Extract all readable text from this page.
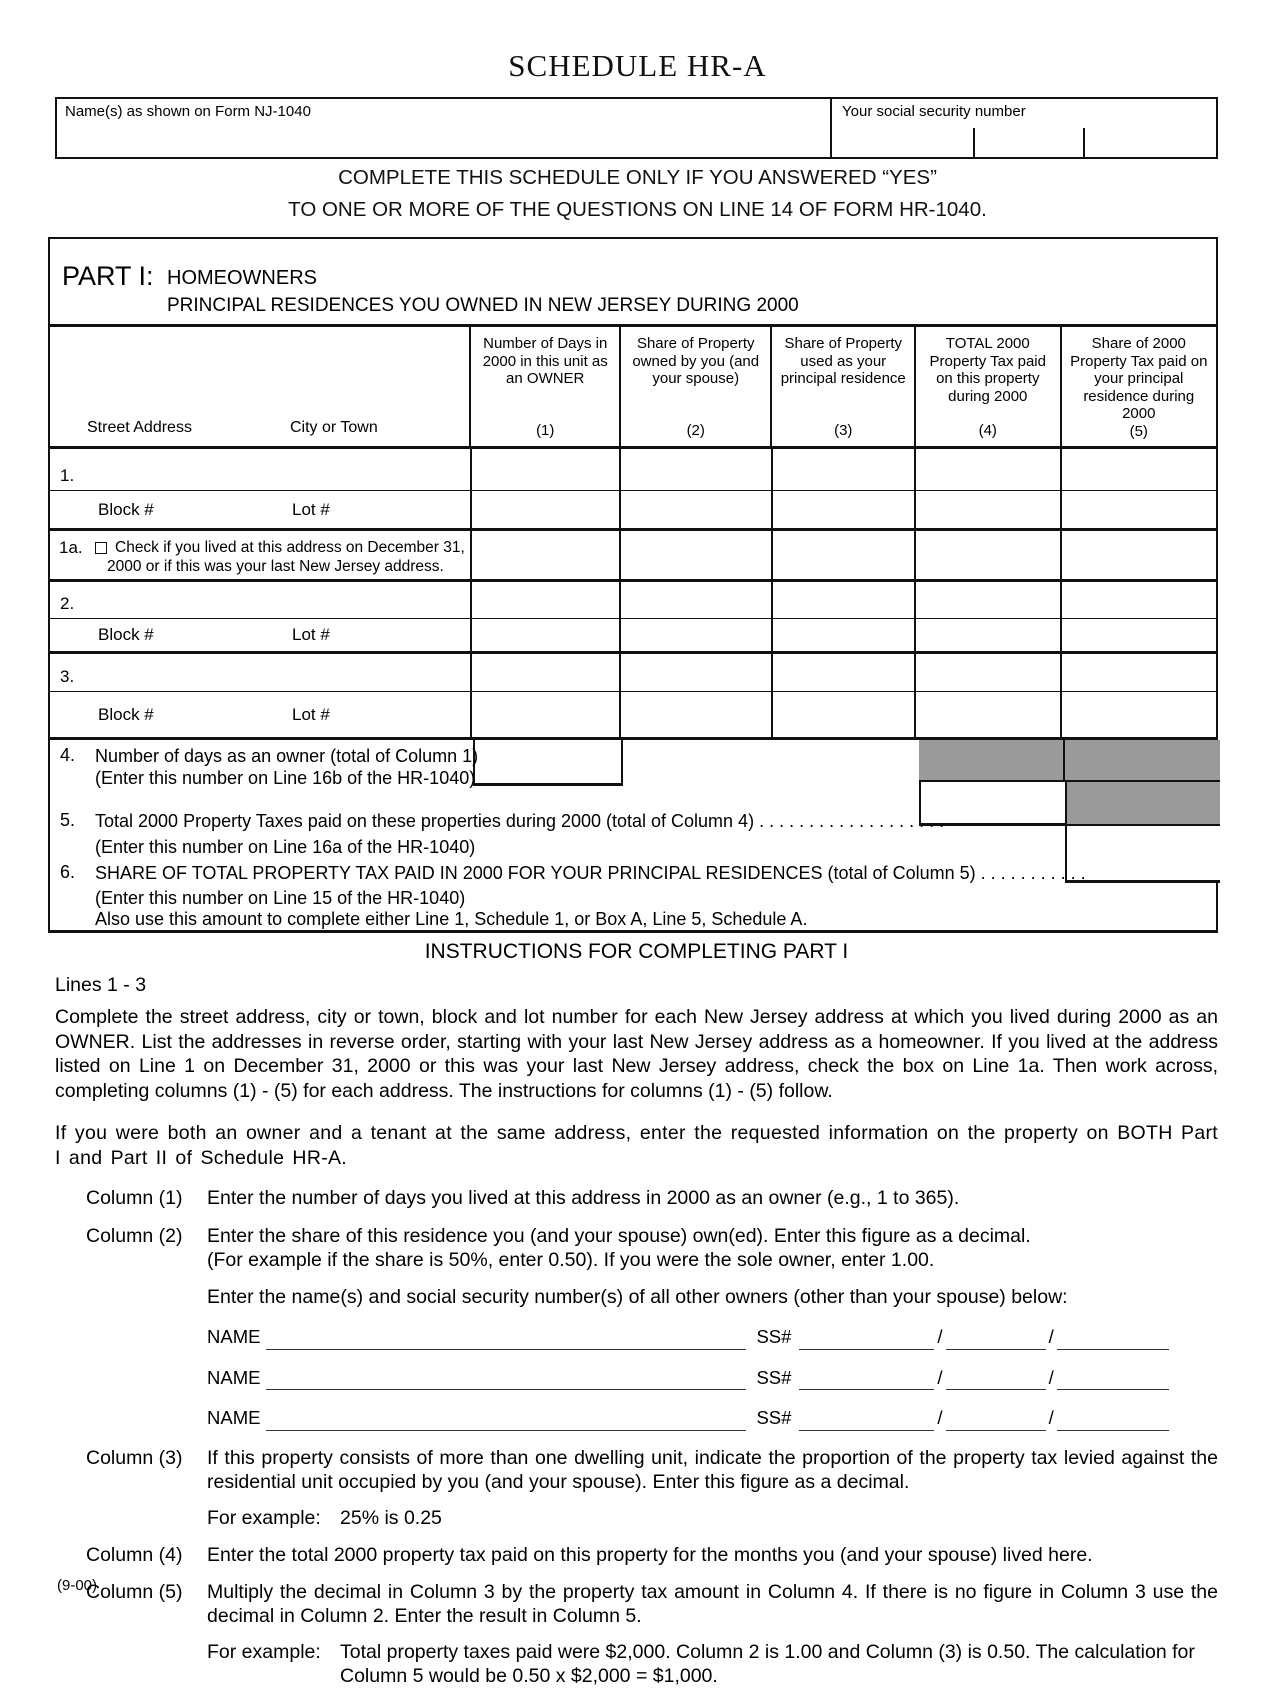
SCHEDULE HR-A
Name(s) as shown on Form NJ-1040	Your social security number
COMPLETE THIS SCHEDULE ONLY IF YOU ANSWERED “YES”
TO ONE OR MORE OF THE QUESTIONS ON LINE 14 OF FORM HR-1040.
PART I: HOMEOWNERS
PRINCIPAL RESIDENCES YOU OWNED IN NEW JERSEY DURING 2000
Street Address	City or Town
Number of Days in 2000 in this unit as an OWNER
(1)
Share of Property owned by you (and your spouse)
(2)
Share of Property used as your principal residence
(3)
TOTAL 2000 Property Tax paid on this property during 2000
(4)
Share of 2000 Property Tax paid on your principal residence during 2000
(5)
1.
Block #	Lot #
1a. Check if you lived at this address on December 31,
2000 or if this was your last New Jersey address.
2.
Block #	Lot #
3.
Block #	Lot #
4. Number of days as an owner (total of Column 1)
(Enter this number on Line 16b of the HR-1040)
5. Total 2000 Property Taxes paid on these properties during 2000 (total of Column 4) . . . . . . . . . . . . . . . . . . .
(Enter this number on Line 16a of the HR-1040)
6. SHARE OF TOTAL PROPERTY TAX PAID IN 2000 FOR YOUR PRINCIPAL RESIDENCES (total of Column 5) . . . . . . . . . . .
(Enter this number on Line 15 of the HR-1040)
Also use this amount to complete either Line 1, Schedule 1, or Box A, Line 5, Schedule A.
INSTRUCTIONS FOR COMPLETING PART I
Lines 1 - 3
Complete the street address, city or town, block and lot number for each New Jersey address at which you lived during 2000 as an OWNER. List the addresses in reverse order, starting with your last New Jersey address as a homeowner. If you lived at the address listed on Line 1 on December 31, 2000 or this was your last New Jersey address, check the box on Line 1a. Then work across, completing columns (1) - (5) for each address. The instructions for columns (1) - (5) follow.
If you were both an owner and a tenant at the same address, enter the requested information on the property on BOTH Part I and Part II of Schedule HR-A.
Column (1)	Enter the number of days you lived at this address in 2000 as an owner (e.g., 1 to 365).
Column (2)	Enter the share of this residence you (and your spouse) own(ed). Enter this figure as a decimal.
(For example if the share is 50%, enter 0.50). If you were the sole owner, enter 1.00.
Enter the name(s) and social security number(s) of all other owners (other than your spouse) below:
NAME	SS#	/	/
NAME	SS#	/	/
NAME	SS#	/	/
Column (3)	If this property consists of more than one dwelling unit, indicate the proportion of the property tax levied against the residential unit occupied by you (and your spouse). Enter this figure as a decimal.
For example: 25% is 0.25
Column (4)	Enter the total 2000 property tax paid on this property for the months you (and your spouse) lived here.
Column (5)	Multiply the decimal in Column 3 by the property tax amount in Column 4. If there is no figure in Column 3 use the decimal in Column 2. Enter the result in Column 5.
For example: Total property taxes paid were $2,000. Column 2 is 1.00 and Column (3) is 0.50. The calculation for
Column 5 would be 0.50 x $2,000 = $1,000.
(9-00)
